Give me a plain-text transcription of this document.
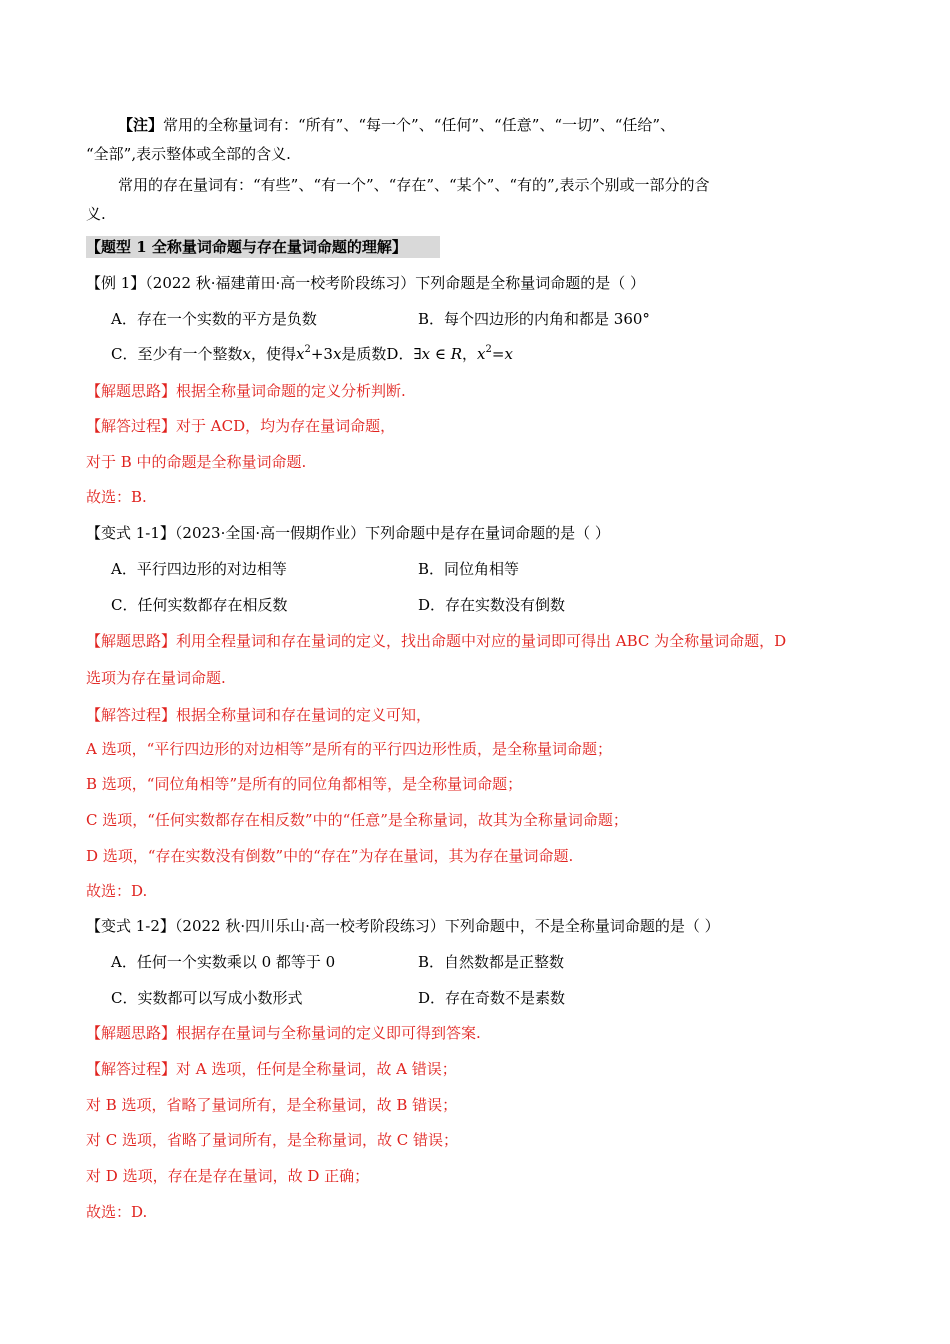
【注】常用的全称量词有：“所有”、“每一个”、“任何”、“任意”、“一切”、“任给”、
“全部”,表示整体或全部的含义.
常用的存在量词有：“有些”、“有一个”、“存在”、“某个”、“有的”,表示个别或一部分的含
义.
【题型 1 全称量词命题与存在量词命题的理解】
【例 1】（2022 秋·福建莆田·高一校考阶段练习）下列命题是全称量词命题的是（ ）
A．存在一个实数的平方是负数	B．每个四边形的内角和都是 360°
C．至少有一个整数x，使得$x^2+3x$是质数D．∃x ∈ R，$x^2=x$
【解题思路】根据全称量词命题的定义分析判断.
【解答过程】对于 ACD，均为存在量词命题，
对于 B 中的命题是全称量词命题.
故选：B.
【变式 1-1】（2023·全国·高一假期作业）下列命题中是存在量词命题的是（ ）
A．平行四边形的对边相等	B．同位角相等
C．任何实数都存在相反数	D．存在实数没有倒数
【解题思路】利用全程量词和存在量词的定义，找出命题中对应的量词即可得出 ABC 为全称量词命题，D
选项为存在量词命题.
【解答过程】根据全称量词和存在量词的定义可知，
A 选项，“平行四边形的对边相等”是所有的平行四边形性质，是全称量词命题；
B 选项，“同位角相等”是所有的同位角都相等，是全称量词命题；
C 选项，“任何实数都存在相反数”中的“任意”是全称量词，故其为全称量词命题；
D 选项，“存在实数没有倒数”中的“存在”为存在量词，其为存在量词命题.
故选：D.
【变式 1-2】（2022 秋·四川乐山·高一校考阶段练习）下列命题中，不是全称量词命题的是（ ）
A．任何一个实数乘以 0 都等于 0	B．自然数都是正整数
C．实数都可以写成小数形式	D．存在奇数不是素数
【解题思路】根据存在量词与全称量词的定义即可得到答案.
【解答过程】对 A 选项，任何是全称量词，故 A 错误；
对 B 选项，省略了量词所有，是全称量词，故 B 错误；
对 C 选项，省略了量词所有，是全称量词，故 C 错误；
对 D 选项，存在是存在量词，故 D 正确；
故选：D.
